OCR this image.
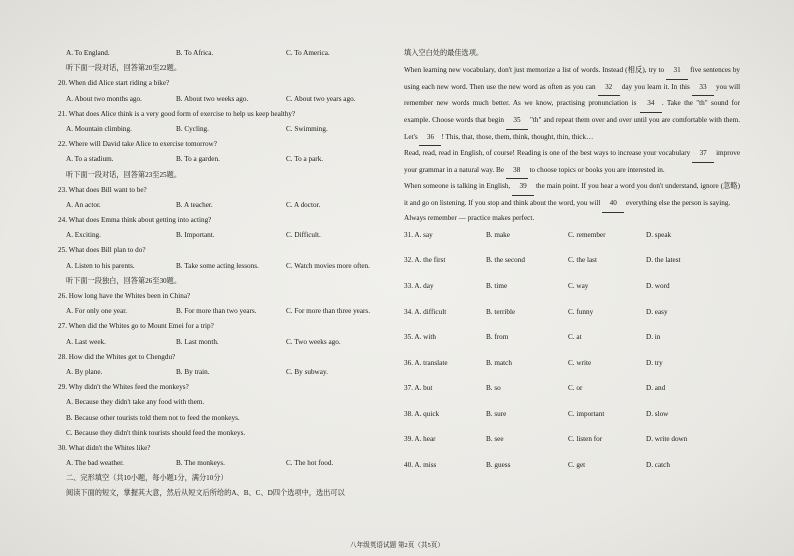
A. To England.	B. To Africa.	C. To America.
听下面一段对话，回答第20至22题。
20. When did Alice start riding a bike?
A. About two months ago.	B. About two weeks ago.	C. About two years ago.
21. What does Alice think is a very good form of exercise to help us keep healthy?
A. Mountain climbing.	B. Cycling.	C. Swimming.
22. Where will David take Alice to exercise tomorrow?
A. To a stadium.	B. To a garden.	C. To a park.
听下面一段对话，回答第23至25题。
23. What does Bill want to be?
A. An actor.	B. A teacher.	C. A doctor.
24. What does Emma think about getting into acting?
A. Exciting.	B. Important.	C. Difficult.
25. What does Bill plan to do?
A. Listen to his parents.	B. Take some acting lessons.	C. Watch movies more often.
听下面一段独白，回答第26至30题。
26. How long have the Whites been in China?
A. For only one year.	B. For more than two years.	C. For more than three years.
27. When did the Whites go to Mount Emei for a trip?
A. Last week.	B. Last month.	C. Two weeks ago.
28. How did the Whites get to Chengdu?
A. By plane.	B. By train.	C. By subway.
29. Why didn't the Whites feed the monkeys?
A. Because they didn't take any food with them.
B. Because other tourists told them not to feed the monkeys.
C. Because they didn't think tourists should feed the monkeys.
30. What didn't the Whites like?
A. The bad weather.	B. The monkeys.	C. The hot food.
二、完形填空（共10小题，每小题1分，满分10分）
阅读下面的短文，掌握其大意，然后从短文后所给的A、B、C、D四个选项中，选出可以
填入空白处的最佳选项。
When learning new vocabulary, don't just memorize a list of words. Instead (相反), try to 31 five sentences by using each new word. Then use the new word as often as you can 32 day you learn it. In this 33 you will remember new words much better. As we know, practising pronunciation is 34 . Take the "th" sound for example. Choose words that begin 35 "th" and repeat them over and over until you are comfortable with them. Let's 36 ! This, that, those, them, think, thought, thin, thick…
Read, read, read in English, of course! Reading is one of the best ways to increase your vocabulary 37 improve your grammar in a natural way. Be 38 to choose topics or books you are interested in.
When someone is talking in English, 39 the main point. If you hear a word you don't understand, ignore (忽略) it and go on listening. If you stop and think about the word, you will 40 everything else the person is saying.
Always remember — practice makes perfect.
31. A. say	B. make	C. remember	D. speak
32. A. the first	B. the second	C. the last	D. the latest
33. A. day	B. time	C. way	D. word
34. A. difficult	B. terrible	C. funny	D. easy
35. A. with	B. from	C. at	D. in
36. A. translate	B. match	C. write	D. try
37. A. but	B. so	C. or	D. and
38. A. quick	B. sure	C. important	D. slow
39. A. hear	B. see	C. listen for	D. write down
40. A. miss	B. guess	C. get	D. catch
八年级英语试题 第2页（共5页）
